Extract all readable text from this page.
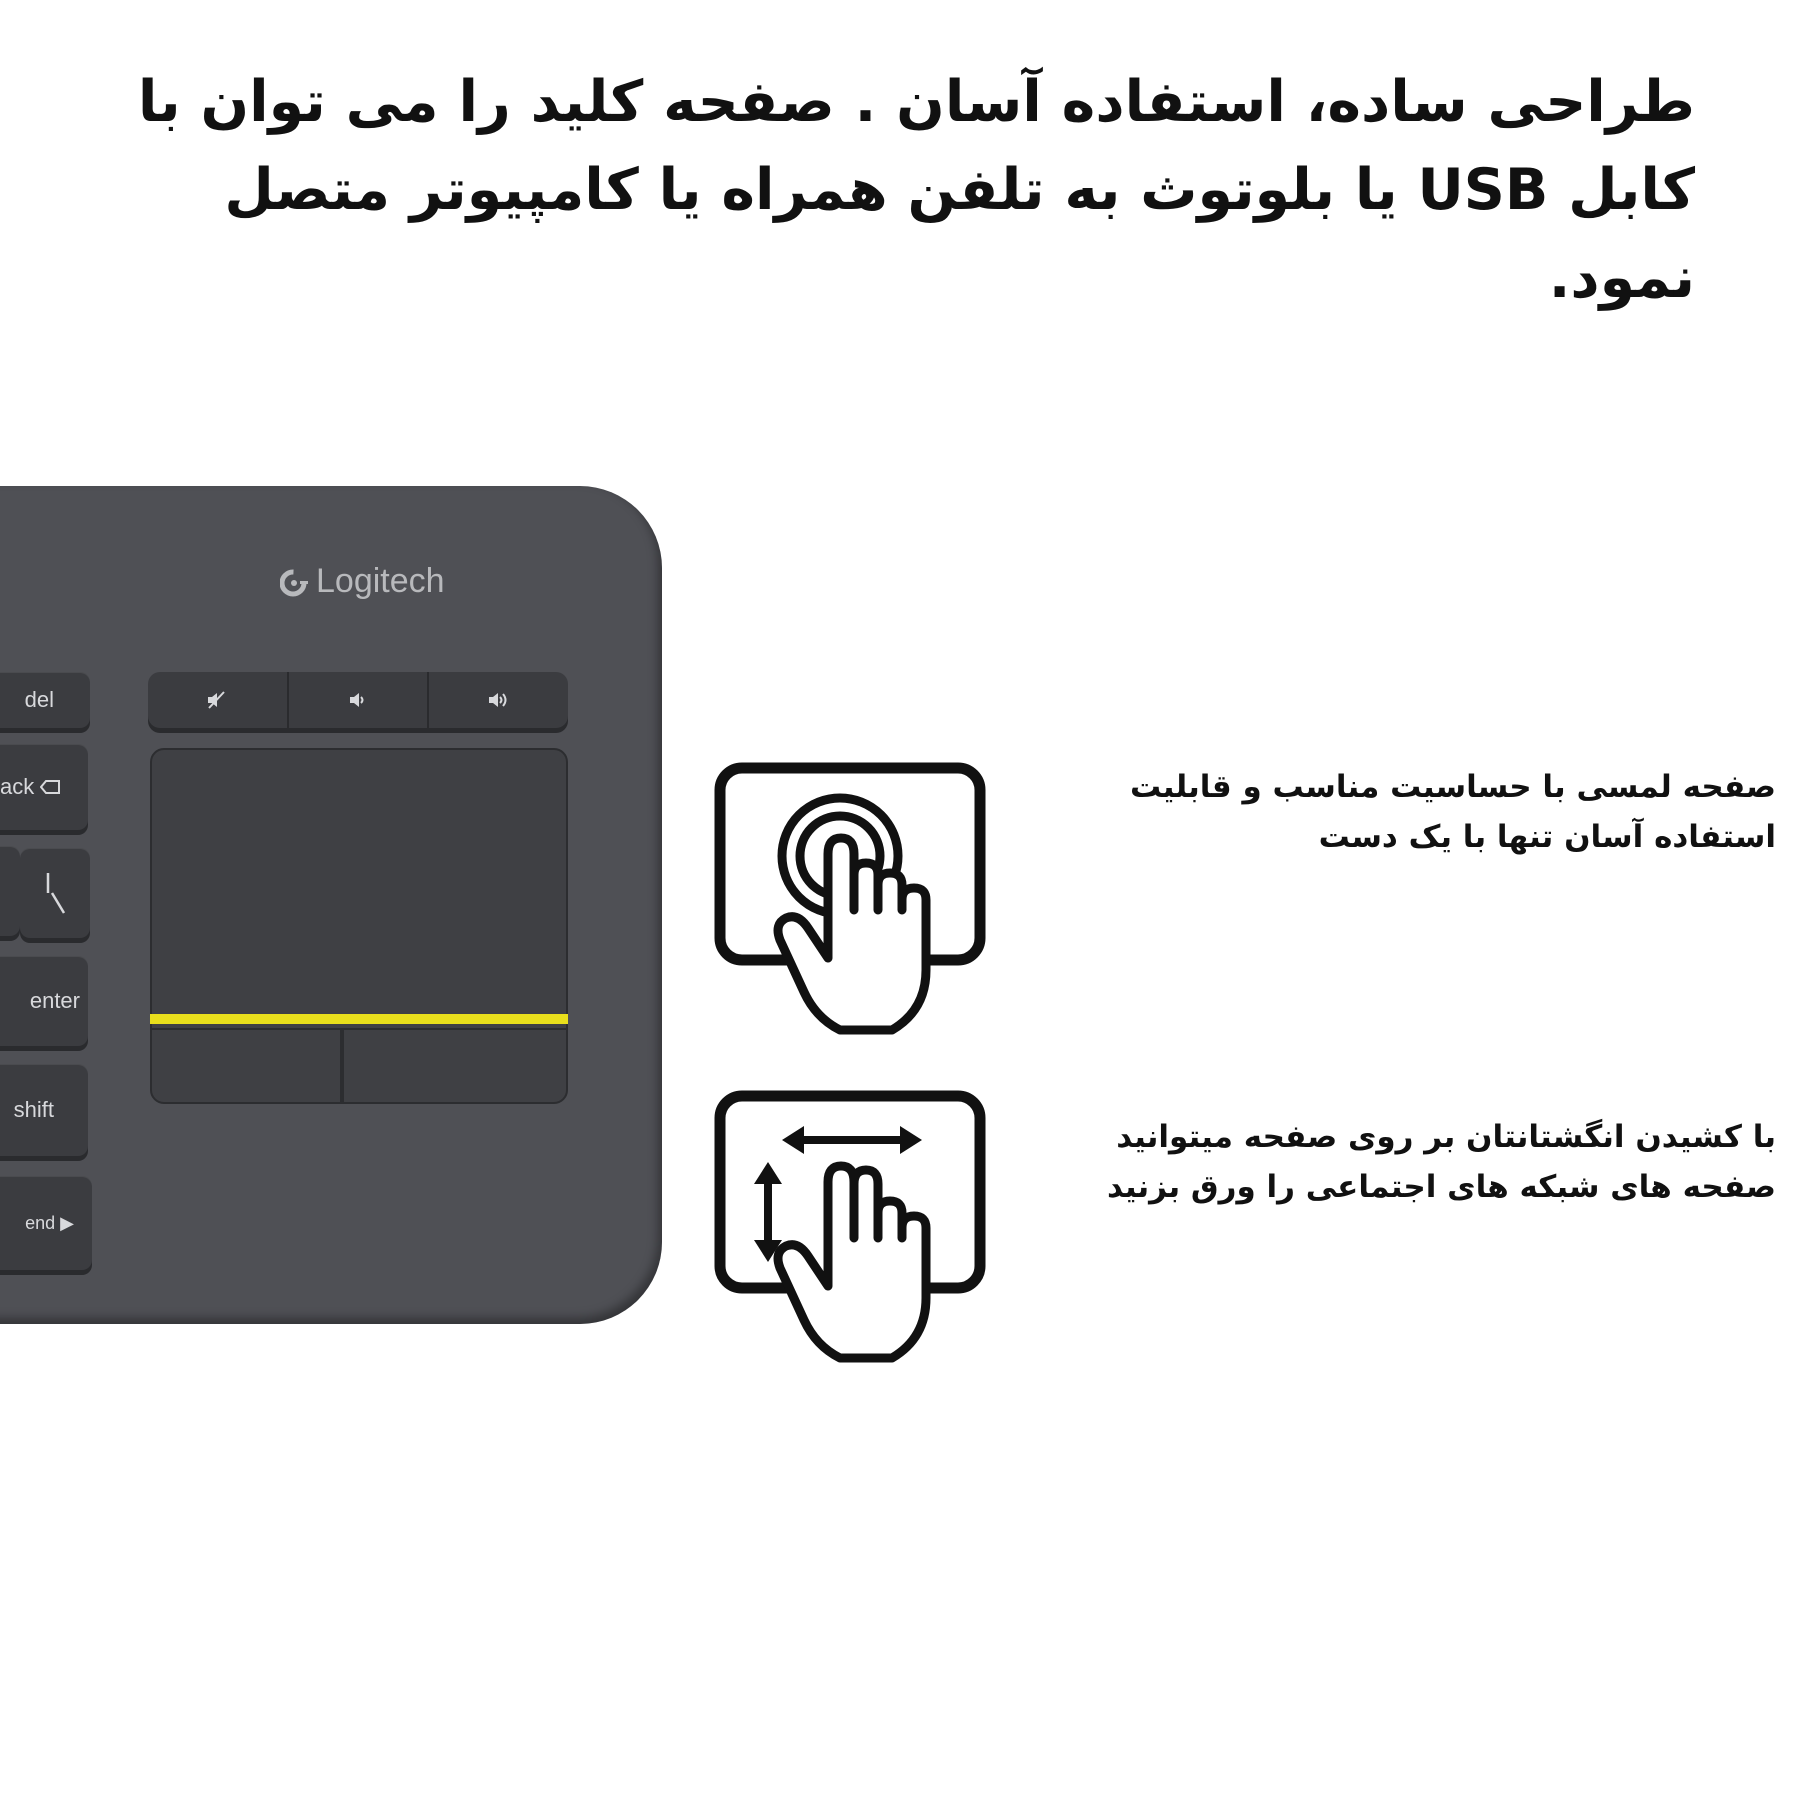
طراحی ساده، استفاده آسان . صفحه کلید را می توان با
کابل USB یا بلوتوث به تلفن همراه یا کامپیوتر متصل
نمود.
Logitech
del
ack
enter
shift
end ▶
صفحه لمسی با حساسیت مناسب و قابلیت
استفاده آسان تنها با یک دست
با کشیدن انگشتانتان بر روی صفحه میتوانید
صفحه های شبکه های اجتماعی را ورق بزنید
